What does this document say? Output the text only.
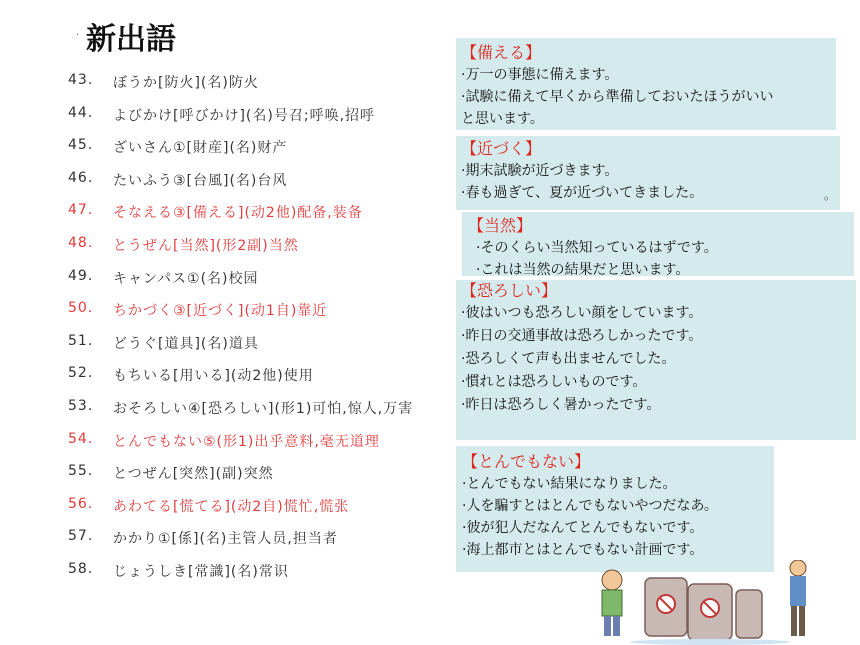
· 新出語
43.	ぼうか[防火](名)防火
44.	よびかけ[呼びかけ](名)号召;呼唤,招呼
45.	ざいさん①[財産](名)财产
46.	たいふう③[台風](名)台风
47.	そなえる③[備える](动2他)配备,装备
48.	とうぜん[当然](形2副)当然
49.	キャンパス①(名)校园
50.	ちかづく③[近づく](动1自)靠近
51.	どうぐ[道具](名)道具
52.	もちいる[用いる](动2他)使用
53.	おそろしい④[恐ろしい](形1)可怕,惊人,万害
54.	とんでもない⑤(形1)出乎意料,毫无道理
55.	とつぜん[突然](副)突然
56.	あわてる[慌てる](动2自)慌忙,慌张
57.	かかり①[係](名)主管人员,担当者
58.	じょうしき[常識](名)常识
【備える】
·万一の事態に備えます。
·試験に備えて早くから準備しておいたほうがいい
と思います。
【近づく】
·期末試験が近づきます。
·春も過ぎて、夏が近づいてきました。	。
【当然】
·そのくらい当然知っているはずです。
·これは当然の結果だと思います。
【恐ろしい】
·彼はいつも恐ろしい顔をしています。
·昨日の交通事故は恐ろしかったです。
·恐ろしくて声も出ませんでした。
·慣れとは恐ろしいものです。
·昨日は恐ろしく暑かったです。
【とんでもない】
·とんでもない結果になりました。
·人を騙すとはとんでもないやつだなあ。
·彼が犯人だなんてとんでもないです。
·海上都市とはとんでもない計画です。
